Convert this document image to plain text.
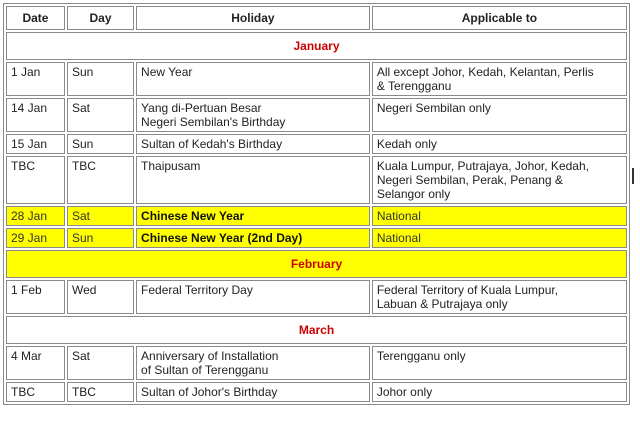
Date	Day	Holiday	Applicable to
January			
1 Jan	Sun	New Year	All except Johor, Kedah, Kelantan, Perlis
& Terengganu
14 Jan	Sat	Yang di-Pertuan Besar
Negeri Sembilan's Birthday	Negeri Sembilan only
15 Jan	Sun	Sultan of Kedah's Birthday	Kedah only
TBC	TBC	Thaipusam	Kuala Lumpur, Putrajaya, Johor, Kedah,
Negeri Sembilan, Perak, Penang &
Selangor only
28 Jan	Sat	Chinese New Year	National
29 Jan	Sun	Chinese New Year (2nd Day)	National
February			
1 Feb	Wed	Federal Territory Day	Federal Territory of Kuala Lumpur,
Labuan & Putrajaya only
March			
4 Mar	Sat	Anniversary of Installation
of Sultan of Terengganu	Terengganu only
TBC	TBC	Sultan of Johor's Birthday	Johor only
